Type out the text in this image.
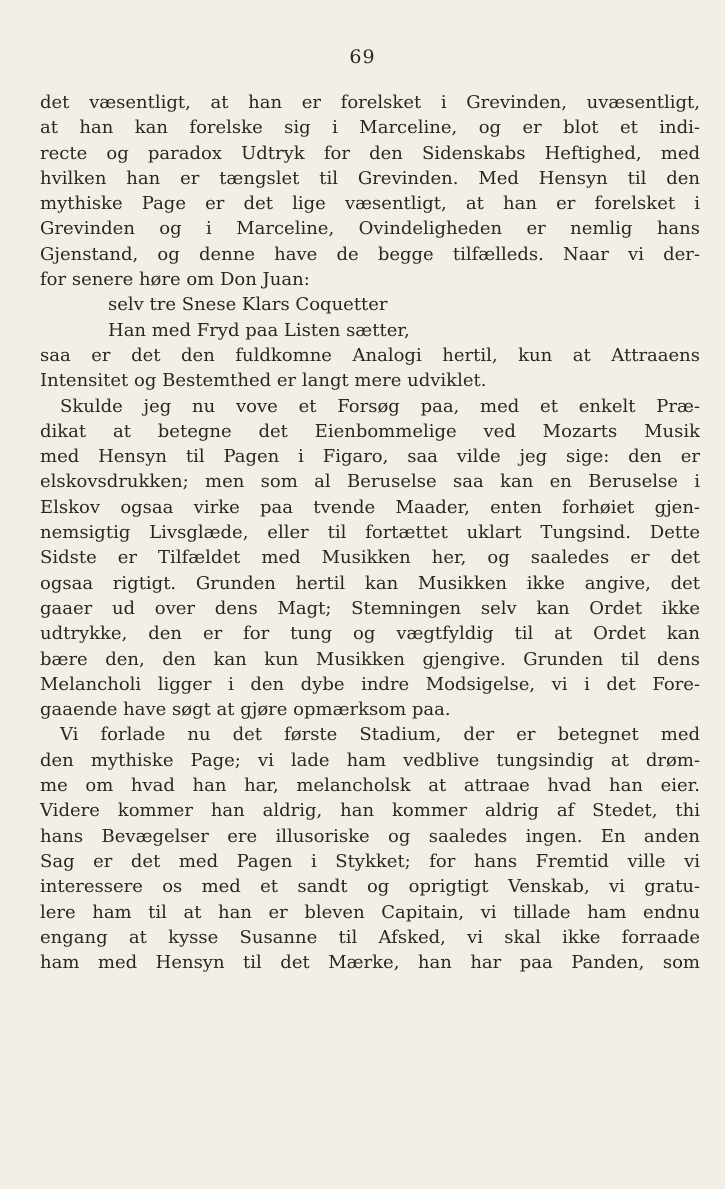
69
det væsentligt, at han er forelsket i Grevinden, uvæsentligt,
at han kan forelske sig i Marceline, og er blot et indi-
recte og paradox Udtryk for den Sidenskabs Heftighed, med
hvilken han er tængslet til Grevinden. Med Hensyn til den
mythiske Page er det lige væsentligt, at han er forelsket i
Grevinden og i Marceline, Ovindeligheden er nemlig hans
Gjenstand, og denne have de begge tilfælleds. Naar vi der-
for senere høre om Don Juan:
selv tre Snese Klars Coquetter
Han med Fryd paa Listen sætter,
saa er det den fuldkomne Analogi hertil, kun at Attraaens
Intensitet og Bestemthed er langt mere udviklet.
Skulde jeg nu vove et Forsøg paa, med et enkelt Præ-
dikat at betegne det Eienbommelige ved Mozarts Musik
med Hensyn til Pagen i Figaro, saa vilde jeg sige: den er
elskovsdrukken; men som al Beruselse saa kan en Beruselse i
Elskov ogsaa virke paa tvende Maader, enten forhøiet gjen-
nemsigtig Livsglæde, eller til fortættet uklart Tungsind. Dette
Sidste er Tilfældet med Musikken her, og saaledes er det
ogsaa rigtigt. Grunden hertil kan Musikken ikke angive, det
gaaer ud over dens Magt; Stemningen selv kan Ordet ikke
udtrykke, den er for tung og vægtfyldig til at Ordet kan
bære den, den kan kun Musikken gjengive. Grunden til dens
Melancholi ligger i den dybe indre Modsigelse, vi i det Fore-
gaaende have søgt at gjøre opmærksom paa.
Vi forlade nu det første Stadium, der er betegnet med
den mythiske Page; vi lade ham vedblive tungsindig at drøm-
me om hvad han har, melancholsk at attraae hvad han eier.
Videre kommer han aldrig, han kommer aldrig af Stedet, thi
hans Bevægelser ere illusoriske og saaledes ingen. En anden
Sag er det med Pagen i Stykket; for hans Fremtid ville vi
interessere os med et sandt og oprigtigt Venskab, vi gratu-
lere ham til at han er bleven Capitain, vi tillade ham endnu
engang at kysse Susanne til Afsked, vi skal ikke forraade
ham med Hensyn til det Mærke, han har paa Panden, som
